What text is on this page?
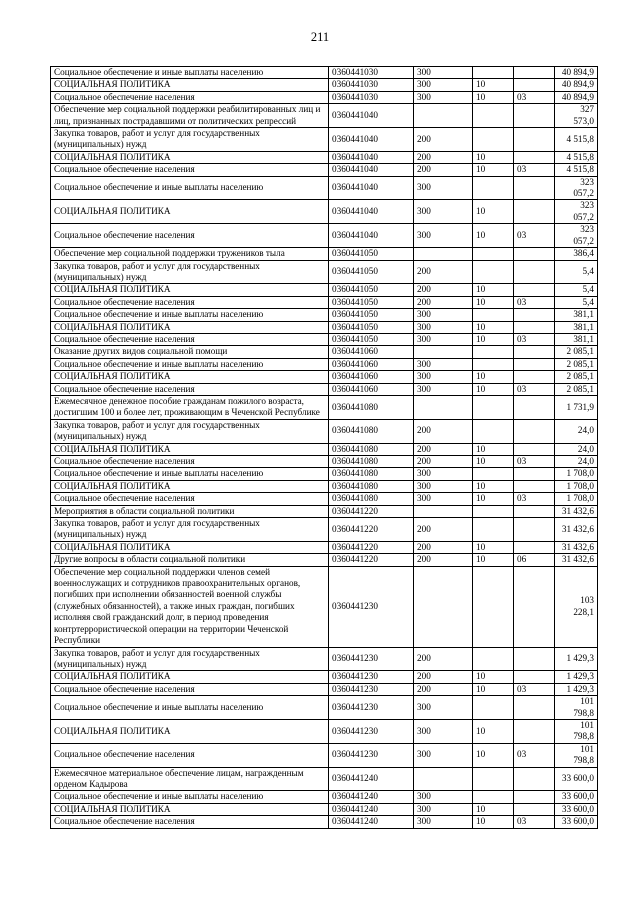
211
Социальное обеспечение и иные выплаты населению	0360441030	300			40 894,9
СОЦИАЛЬНАЯ ПОЛИТИКА	0360441030	300	10		40 894,9
Социальное обеспечение населения	0360441030	300	10	03	40 894,9
Обеспечение мер социальной поддержки реабилитированных лиц и лиц, признанных пострадавшими от политических репрессий	0360441040				327 573,0
Закупка товаров, работ и услуг для государственных (муниципальных) нужд	0360441040	200			4 515,8
СОЦИАЛЬНАЯ ПОЛИТИКА	0360441040	200	10		4 515,8
Социальное обеспечение населения	0360441040	200	10	03	4 515,8
Социальное обеспечение и иные выплаты населению	0360441040	300			323 057,2
СОЦИАЛЬНАЯ ПОЛИТИКА	0360441040	300	10		323 057,2
Социальное обеспечение населения	0360441040	300	10	03	323 057,2
Обеспечение мер социальной поддержки тружеников тыла	0360441050				386,4
Закупка товаров, работ и услуг для государственных (муниципальных) нужд	0360441050	200			5,4
СОЦИАЛЬНАЯ ПОЛИТИКА	0360441050	200	10		5,4
Социальное обеспечение населения	0360441050	200	10	03	5,4
Социальное обеспечение и иные выплаты населению	0360441050	300			381,1
СОЦИАЛЬНАЯ ПОЛИТИКА	0360441050	300	10		381,1
Социальное обеспечение населения	0360441050	300	10	03	381,1
Оказание других видов социальной помощи	0360441060				2 085,1
Социальное обеспечение и иные выплаты населению	0360441060	300			2 085,1
СОЦИАЛЬНАЯ ПОЛИТИКА	0360441060	300	10		2 085,1
Социальное обеспечение населения	0360441060	300	10	03	2 085,1
Ежемесячное денежное пособие гражданам пожилого возраста, достигшим 100 и более лет, проживающим в Чеченской Республике	0360441080				1 731,9
Закупка товаров, работ и услуг для государственных (муниципальных) нужд	0360441080	200			24,0
СОЦИАЛЬНАЯ ПОЛИТИКА	0360441080	200	10		24,0
Социальное обеспечение населения	0360441080	200	10	03	24,0
Социальное обеспечение и иные выплаты населению	0360441080	300			1 708,0
СОЦИАЛЬНАЯ ПОЛИТИКА	0360441080	300	10		1 708,0
Социальное обеспечение населения	0360441080	300	10	03	1 708,0
Мероприятия в области социальной политики	0360441220				31 432,6
Закупка товаров, работ и услуг для государственных (муниципальных) нужд	0360441220	200			31 432,6
СОЦИАЛЬНАЯ ПОЛИТИКА	0360441220	200	10		31 432,6
Другие вопросы в области социальной политики	0360441220	200	10	06	31 432,6
Обеспечение мер социальной поддержки членов семей военнослужащих и сотрудников правоохранительных органов, погибших при исполнении обязанностей военной службы (служебных обязанностей), а также иных граждан, погибших исполняя свой гражданский долг, в период проведения контртеррористической операции на территории Чеченской Республики	0360441230				103 228,1
Закупка товаров, работ и услуг для государственных (муниципальных) нужд	0360441230	200			1 429,3
СОЦИАЛЬНАЯ ПОЛИТИКА	0360441230	200	10		1 429,3
Социальное обеспечение населения	0360441230	200	10	03	1 429,3
Социальное обеспечение и иные выплаты населению	0360441230	300			101 798,8
СОЦИАЛЬНАЯ ПОЛИТИКА	0360441230	300	10		101 798,8
Социальное обеспечение населения	0360441230	300	10	03	101 798,8
Ежемесячное материальное обеспечение лицам, награжденным орденом Кадырова	0360441240				33 600,0
Социальное обеспечение и иные выплаты населению	0360441240	300			33 600,0
СОЦИАЛЬНАЯ ПОЛИТИКА	0360441240	300	10		33 600,0
Социальное обеспечение населения	0360441240	300	10	03	33 600,0
